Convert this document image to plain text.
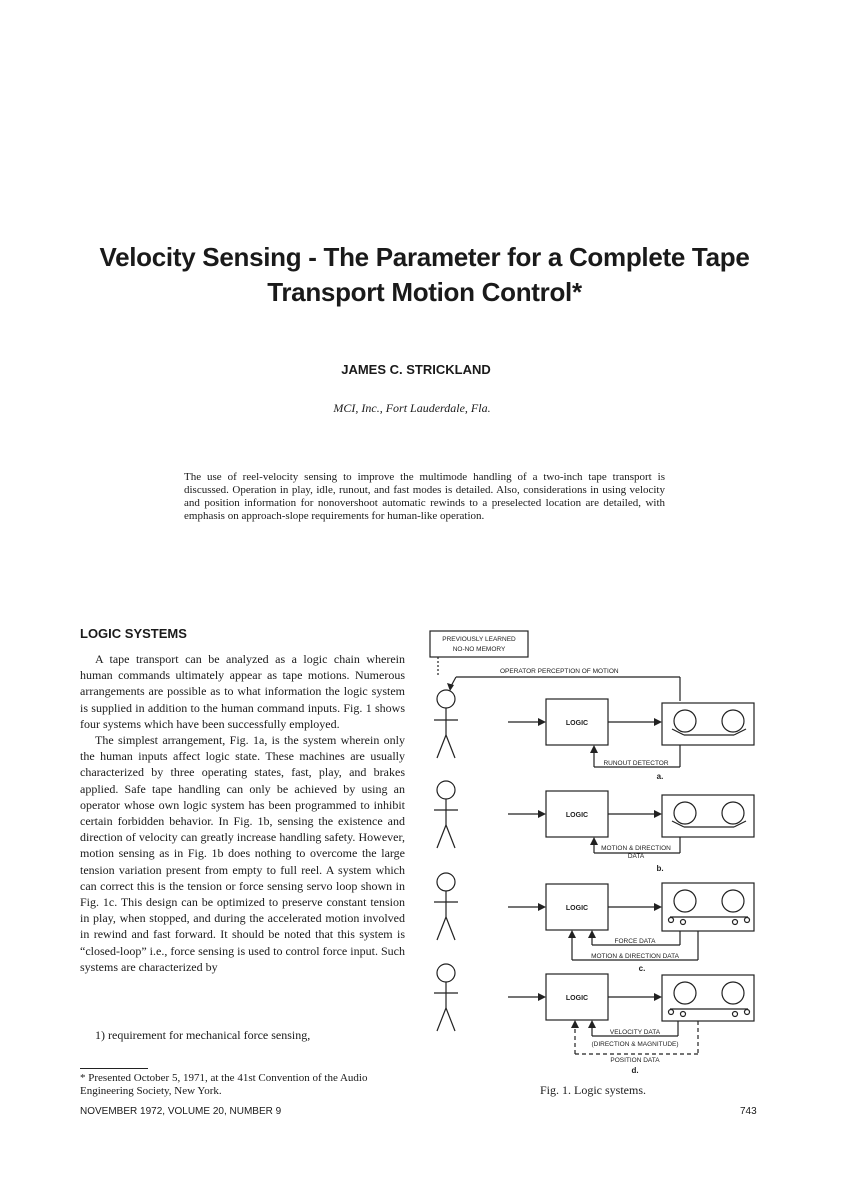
Velocity Sensing - The Parameter for a Complete Tape
Transport Motion Control*
JAMES C. STRICKLAND
MCI, Inc., Fort Lauderdale, Fla.
The use of reel-velocity sensing to improve the multimode handling of a two-inch tape transport is discussed. Operation in play, idle, runout, and fast modes is detailed. Also, considerations in using velocity and position information for nonovershoot automatic rewinds to a preselected location are detailed, with emphasis on approach-slope requirements for human-like operation.
LOGIC SYSTEMS

A tape transport can be analyzed as a logic chain wherein human commands ultimately appear as tape motions. Numerous arrangements are possible as to what information the logic system is supplied in addition to the human command inputs. Fig. 1 shows four systems which have been successfully employed.

The simplest arrangement, Fig. 1a, is the system wherein only the human inputs affect logic state. These machines are usually characterized by three operating states, fast, play, and brakes applied. Safe tape handling can only be achieved by using an operator whose own logic system has been programmed to inhibit certain forbidden behavior. In Fig. 1b, sensing the existence and direction of velocity can greatly increase handling safety. However, motion sensing as in Fig. 1b does nothing to overcome the large tension variation present from empty to full reel. A system which can correct this is the tension or force sensing servo loop shown in Fig. 1c. This design can be optimized to preserve constant tension in play, when stopped, and during the accelerated motion involved in rewind and fast forward. It should be noted that this system is “closed-loop” i.e., force sensing is used to control force input. Such systems are characterized by

1) requirement for mechanical force sensing,
* Presented October 5, 1971, at the 41st Convention of the Audio Engineering Society, New York.
NOVEMBER 1972, VOLUME 20, NUMBER 9	743
Fig. 1. Logic systems.
PREVIOUSLY LEARNED
NO-NO MEMORY
OPERATOR PERCEPTION OF MOTION
LOGIC
RUNOUT DETECTOR
a.
LOGIC
MOTION & DIRECTION
DATA
b.
LOGIC
FORCE DATA
MOTION & DIRECTION DATA
c.
LOGIC
VELOCITY DATA
(DIRECTION & MAGNITUDE)
POSITION DATA
d.
